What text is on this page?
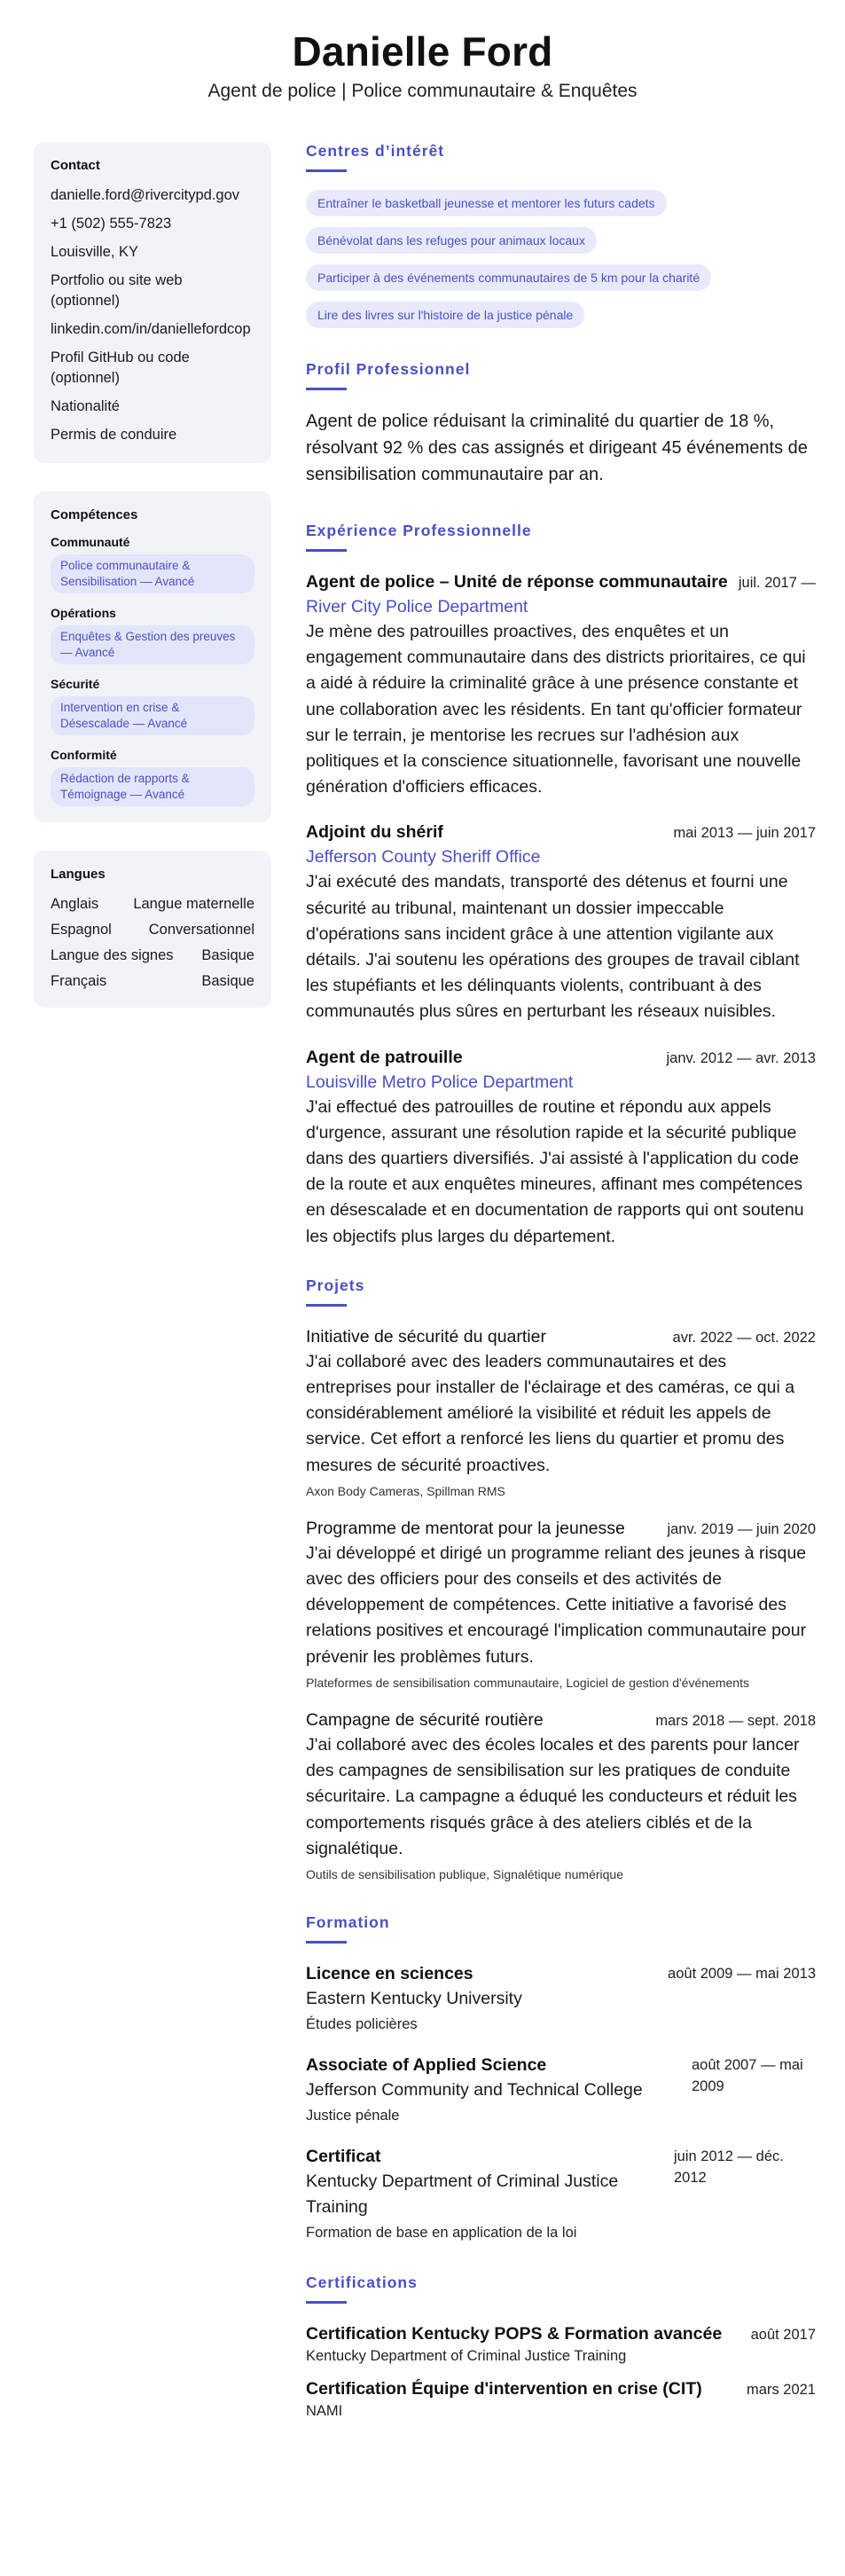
Danielle Ford
Agent de police | Police communautaire & Enquêtes
Contact
danielle.ford@rivercitypd.gov
+1 (502) 555-7823
Louisville, KY
Portfolio ou site web (optionnel)
linkedin.com/in/daniellefordcop
Profil GitHub ou code (optionnel)
Nationalité
Permis de conduire
Compétences
Communauté
Police communautaire & Sensibilisation — Avancé
Opérations
Enquêtes & Gestion des preuves — Avancé
Sécurité
Intervention en crise & Désescalade — Avancé
Conformité
Rédaction de rapports & Témoignage — Avancé
Langues
Anglais Langue maternelle
Espagnol	Conversationnel
Langue des signes Basique
Français	Basique
Centres d’intérêt
Entraîner le basketball jeunesse et mentorer les futurs cadets
Bénévolat dans les refuges pour animaux locaux
Participer à des événements communautaires de 5 km pour la charité
Lire des livres sur l'histoire de la justice pénale
Profil Professionnel
Agent de police réduisant la criminalité du quartier de 18 %, résolvant 92 % des cas assignés et dirigeant 45 événements de sensibilisation communautaire par an.
Expérience Professionnelle
Agent de police – Unité de réponse communautaire juil. 2017 —
River City Police Department
Je mène des patrouilles proactives, des enquêtes et un engagement communautaire dans des districts prioritaires, ce qui a aidé à réduire la criminalité grâce à une présence constante et une collaboration avec les résidents. En tant qu'officier formateur sur le terrain, je mentorise les recrues sur l'adhésion aux politiques et la conscience situationnelle, favorisant une nouvelle génération d'officiers efficaces.
Adjoint du shérif	mai 2013 — juin 2017
Jefferson County Sheriff Office
J'ai exécuté des mandats, transporté des détenus et fourni une sécurité au tribunal, maintenant un dossier impeccable d'opérations sans incident grâce à une attention vigilante aux détails. J'ai soutenu les opérations des groupes de travail ciblant les stupéfiants et les délinquants violents, contribuant à des communautés plus sûres en perturbant les réseaux nuisibles.
Agent de patrouille	janv. 2012 — avr. 2013
Louisville Metro Police Department
J'ai effectué des patrouilles de routine et répondu aux appels d'urgence, assurant une résolution rapide et la sécurité publique dans des quartiers diversifiés. J'ai assisté à l'application du code de la route et aux enquêtes mineures, affinant mes compétences en désescalade et en documentation de rapports qui ont soutenu les objectifs plus larges du département.
Projets
Initiative de sécurité du quartier	avr. 2022 — oct. 2022
J'ai collaboré avec des leaders communautaires et des entreprises pour installer de l'éclairage et des caméras, ce qui a considérablement amélioré la visibilité et réduit les appels de service. Cet effort a renforcé les liens du quartier et promu des mesures de sécurité proactives.
Axon Body Cameras, Spillman RMS
Programme de mentorat pour la jeunesse	janv. 2019 — juin 2020
J'ai développé et dirigé un programme reliant des jeunes à risque avec des officiers pour des conseils et des activités de développement de compétences. Cette initiative a favorisé des relations positives et encouragé l'implication communautaire pour prévenir les problèmes futurs.
Plateformes de sensibilisation communautaire, Logiciel de gestion d'événements
Campagne de sécurité routière	mars 2018 — sept. 2018
J'ai collaboré avec des écoles locales et des parents pour lancer des campagnes de sensibilisation sur les pratiques de conduite sécuritaire. La campagne a éduqué les conducteurs et réduit les comportements risqués grâce à des ateliers ciblés et de la signalétique.
Outils de sensibilisation publique, Signalétique numérique
Formation
Licence en sciences
Eastern Kentucky University
août 2009 — mai 2013
Études policières
Associate of Applied Science
Jefferson Community and Technical College
août 2007 — mai 2009
Justice pénale
Certificat
Kentucky Department of Criminal Justice Training
juin 2012 — déc. 2012
Formation de base en application de la loi
Certifications
Certification Kentucky POPS & Formation avancée	août 2017
Kentucky Department of Criminal Justice Training
Certification Équipe d'intervention en crise (CIT)	mars 2021
NAMI
